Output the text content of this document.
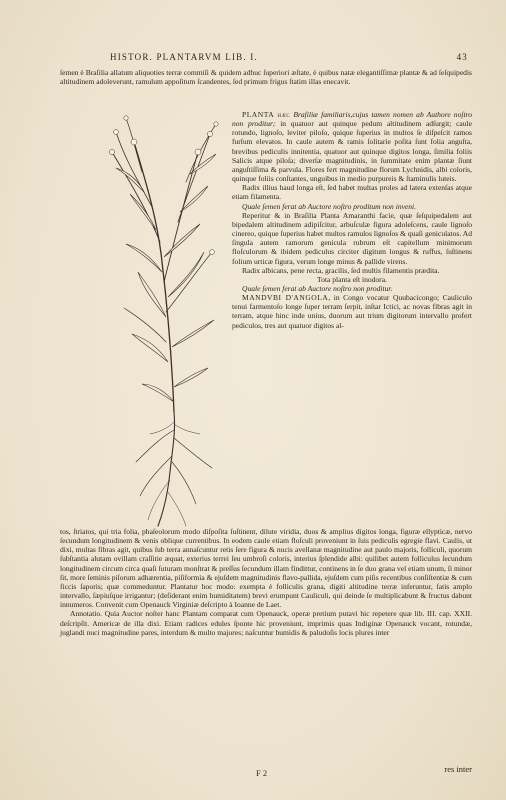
HISTOR. PLANTARVM LIB. I.	43

ſemen è Braſilia allatum aliquoties terræ commiſi & quidem adhuc ſuperiori æſtate, è quibus natæ elegantiſſimæ plantæ & ad ſeſquipedis altitudinem adoleverunt, ramulum appoſitum ſcandentes, ſed primum frigus ſtatim illas enecavit.

PLANTA hæc Braſiliæ familiaris,cujus tamen nomen ab Authore noſtro non proditur; in quatuor aut quinque pedum altitudinem adſurgit; caule rotundo, lignoſo, leviter piloſo, quique ſuperius in multos ſe diſpeſcit ramos furſum elevatos. In caule autem & ramis ſolitarie poſita ſunt folia anguſta, brevibus pediculis innitentia, quatuor aut quinque digitos longa, ſimilia foliis Salicis atque piloſa; diverſæ magnitudinis, in ſummitate enim plantæ ſiunt anguſtiſſima & parvula. Flores fert magnitudine florum Lychnidis, albi coloris, quinque foliis conſtantes, unguibus in medio purpureis & ſtaminulis luteis.

Radix illius haud longa eſt, ſed habet multas proles ad latera extenſas atque etiam filamenta.

Quale ſemen ferat ab Auctore noſtro proditum non inveni.

Reperitur & in Braſilia Planta Amaranthi facie, quæ ſeſquipedalem aut bipedalem altitudinem adipiſcitur, arbuſculæ figura adoleſcens, caule lignoſo cinereo, quique ſuperius habet multos ramulos lignoſos & quaſi geniculatos. Ad ſingula autem ramorum genicula rubrum eſt capitellum minimorum floſculorum & ibidem pediculus circiter digitum longus & ruffus, ſuſtinens folium urticæ figura, verum longe minus & pallide virens.

Radix albicans, pene recta, gracilis, ſed multis filamentis prædita.

Tota planta eſt inodora.

Quale ſemen ferat ab Auctore noſtro non proditur.

MANDVBI D'ANGOLA, in Congo vocatur Quubacicongo; Cauliculo tenui farmentoſo longe ſuper terram ſerpit, inſtar Ictici, ac novas fibras agit in terram, atque hinc inde unius, duorum aut trium digitorum intervallo profert pediculos, tres aut quatuor digitos al-

tos, ſtriatos, qui tria folia, phaſeolorum modo diſpoſita ſuſtinent, dilute viridia, duos & amplius digitos longa, figuræ ellypticæ, nervo ſecundum longitudinem & venis oblique currentibus. In eodem caule etiam floſculi proveniunt in ſuis pediculis egregie flavi. Caulis, ut dixi, multas fibras agit, quibus ſub terra annaſcuntur retis ſere figura & nucis avellanæ magnitudine aut paulo majoris, folliculi, quorum ſubſtantia alutam ovillam craſſitie æquat, exterius terrei ſeu umbroſi coloris, interius ſplendide albi: quilibet autem folliculus ſecundum longitudinem circum circa quaſi ſuturam monſtrat & preſſus ſecundum illam findittur, continens in ſe duo grana vel etiam unum, ſi minor ſit, more ſeminis piſorum adhærentia, piſiformia & ejuſdem magnitudinis flavo-pallida, ejuſdem cum piſis recentibus conſiſtentiæ & cum ficcis ſaporis; quæ commeduntur. Plantatur hoc modo: exempta è folliculis grana, digiti altitudine terræ inferuntur, ſatis amplo intervallo, ſæpiuſque irrigantur; (deſiderant enim humiditatem) brevi erumpunt Cauliculi, qui deinde ſe multiplicabunt & fructus dabunt innumeros. Convenit cum Openauck Virginiæ deſcripto à Ioanne de Laet.

Annotatio. Quia Auctor noſter hanc Plantam comparat cum Openauck, operæ pretium putavi hic repetere quæ lib. III. cap. XXII. deſcripſit. Americæ de illa dixi. Etiam radices edules ſponte hic proveniunt, imprimis quas Indiginæ Openauck vocant, rotundæ, juglandi nuci magnitudine pares, interdum & multo majores; naſcuntur humidis & paludoſis locis plures inter

F 2	res inter
